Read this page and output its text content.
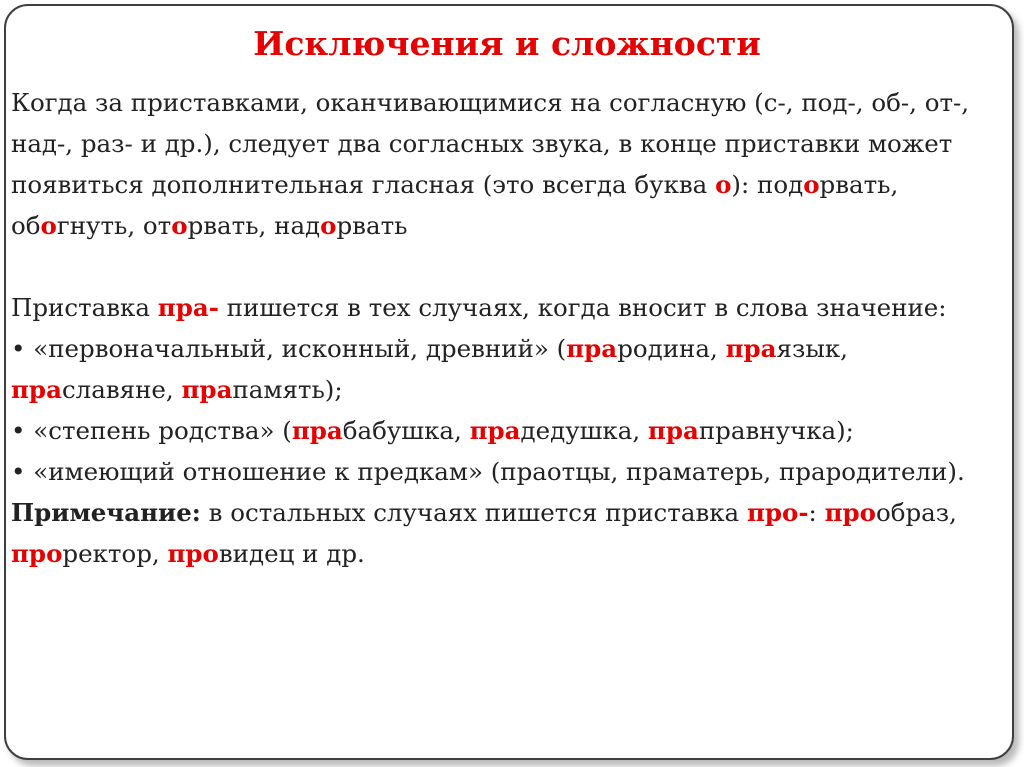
Исключения и сложности

Когда за приставками, оканчивающимися на согласную (с-, под-, об-, от-, над-, раз- и др.), следует два согласных звука, в конце приставки может появиться дополнительная гласная (это всегда буква о): подорвать, обогнуть, оторвать, надорвать

Приставка пра- пишется в тех случаях, когда вносит в слова значение:

• «первоначальный, исконный, древний» (прародина, праязык, праславяне, прапамять);

• «степень родства» (прабабушка, прадедушка, праправнучка);

• «имеющий отношение к предкам» (праотцы, праматерь, прародители).

Примечание: в остальных случаях пишется приставка про-: прообраз, проректор, провидец и др.
